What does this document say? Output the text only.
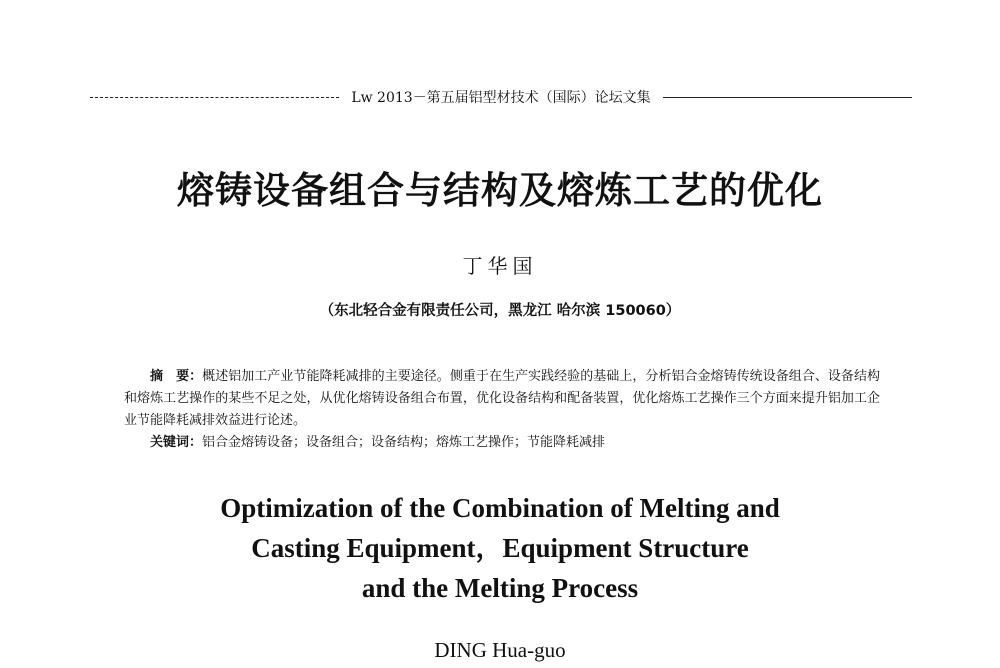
Lw 2013－第五届铝型材技术（国际）论坛文集
熔铸设备组合与结构及熔炼工艺的优化
丁华国
（东北轻合金有限责任公司，黑龙江 哈尔滨 150060）
摘　要：概述铝加工产业节能降耗减排的主要途径。侧重于在生产实践经验的基础上，分析铝合金熔铸传统设备组合、设备结构和熔炼工艺操作的某些不足之处，从优化熔铸设备组合布置，优化设备结构和配备装置，优化熔炼工艺操作三个方面来提升铝加工企业节能降耗减排效益进行论述。
关键词：铝合金熔铸设备；设备组合；设备结构；熔炼工艺操作；节能降耗减排
Optimization of the Combination of Melting and
Casting Equipment，Equipment Structure
and the Melting Process
DING Hua-guo
